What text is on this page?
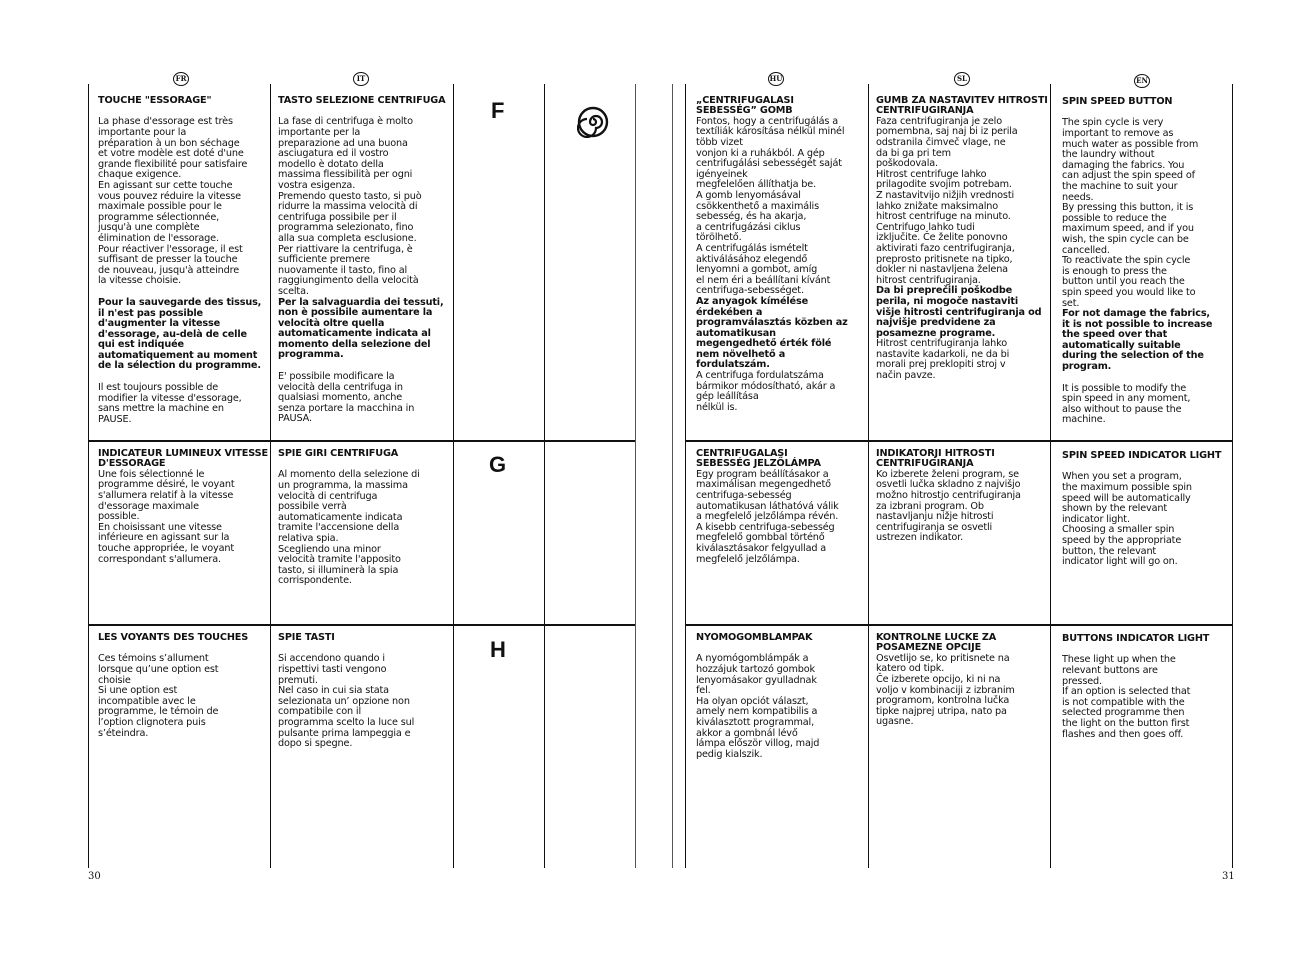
FR	IT
TOUCHE "ESSORAGE"

La phase d'essorage est très
importante pour la
préparation à un bon séchage
et votre modèle est doté d'une
grande flexibilité pour satisfaire
chaque exigence.
En agissant sur cette touche
vous pouvez réduire la vitesse
maximale possible pour le
programme sélectionnée,
jusqu'à une complète
élimination de l'essorage.
Pour réactiver l'essorage, il est
suffisant de presser la touche
de nouveau, jusqu'à atteindre
la vitesse choisie.

Pour la sauvegarde des tissus,
il n'est pas possible
d'augmenter la vitesse
d'essorage, au-delà de celle
qui est indiquée
automatiquement au moment
de la sélection du programme.

Il est toujours possible de
modifier la vitesse d'essorage,
sans mettre la machine en
PAUSE.

INDICATEUR LUMINEUX VITESSE
D'ESSORAGE

Une fois sélectionné le
programme désiré, le voyant
s'allumera relatif à la vitesse
d'essorage maximale
possible.
En choisissant une vitesse
inférieure en agissant sur la
touche appropriée, le voyant
correspondant s'allumera.

LES VOYANTS DES TOUCHES

Ces témoins s’allument
lorsque qu’une option est
choisie
Si une option est
incompatible avec le
programme, le témoin de
l’option clignotera puis
s’éteindra.

TASTO SELEZIONE CENTRIFUGA

La fase di centrifuga è molto
importante per la
preparazione ad una buona
asciugatura ed il vostro
modello è dotato della
massima flessibilità per ogni
vostra esigenza.
Premendo questo tasto, si può
ridurre la massima velocità di
centrifuga possibile per il
programma selezionato, fino
alla sua completa esclusione.
Per riattivare la centrifuga, è
sufficiente premere
nuovamente il tasto, fino al
raggiungimento della velocità
scelta.

Per la salvaguardia dei tessuti,
non è possibile aumentare la
velocità oltre quella
automaticamente indicata al
momento della selezione del
programma.

E' possibile modificare la
velocità della centrifuga in
qualsiasi momento, anche
senza portare la macchina in
PAUSA.

SPIE GIRI CENTRIFUGA

Al momento della selezione di
un programma, la massima
velocità di centrifuga
possibile verrà
automaticamente indicata
tramite l'accensione della
relativa spia.
Scegliendo una minor
velocità tramite l'apposito
tasto, si illuminerà la spia
corrispondente.

SPIE TASTI

Si accendono quando i
rispettivi tasti vengono
premuti.
Nel caso in cui sia stata
selezionata un’ opzione non
compatibile con il
programma scelto la luce sul
pulsante prima lampeggia e
dopo si spegne.

F
G
H
30
HU	SL	EN

„CENTRIFUGÁLÁSI
SEBESSÉG” GOMB

Fontos, hogy a centrifugálás a
textíliák károsítása nélkül minél
több vizet
vonjon ki a ruhákból. A gép
centrifugálási sebességét saját
igényeinek
megfelelően állíthatja be.
A gomb lenyomásával
csökkenthető a maximális
sebesség, és ha akarja,
a centrifugázási ciklus
törölhető.
A centrifugálás ismételt
aktiválásához elegendő
lenyomni a gombot, amíg
el nem éri a beállítani kívánt
centrifuga-sebességet.

Az anyagok kímélése
érdekében a
programválasztás közben az
automatikusan
megengedhető érték fölé
nem növelhető a
fordulatszám.

A centrifuga fordulatszáma
bármikor módosítható, akár a
gép leállítása
nélkül is.

CENTRIFUGÁLÁSI
SEBESSÉG JELZŐLÁMPA

Egy program beállításakor a
maximálisan megengedhető
centrifuga-sebesség
automatikusan láthatóvá válik
a megfelelő jelzőlámpa révén.
A kisebb centrifuga-sebesség
megfelelő gombbal történő
kiválasztásakor felgyullad a
megfelelő jelzőlámpa.

NYOMÓGOMBLÁMPÁK

A nyomógomblámpák a
hozzájuk tartozó gombok
lenyomásakor gyulladnak
fel.
Ha olyan opciót választ,
amely nem kompatibilis a
kiválasztott programmal,
akkor a gombnál lévő
lámpa először villog, majd
pedig kialszik.

GUMB ZA NASTAVITEV HITROSTI
CENTRIFUGIRANJA

Faza centrifugiranja je zelo
pomembna, saj naj bi iz perila
odstranila čimveč vlage, ne
da bi ga pri tem
poškodovala.
Hitrost centrifuge lahko
prilagodite svojim potrebam.
Z nastavitvijo nižjih vrednosti
lahko znižate maksimalno
hitrost centrifuge na minuto.
Centrifugo lahko tudi
izključite. Če želite ponovno
aktivirati fazo centrifugiranja,
preprosto pritisnete na tipko,
dokler ni nastavljena želena
hitrost centrifugiranja.

Da bi preprečili poškodbe
perila, ni mogoče nastaviti
višje hitrosti centrifugiranja od
najvišje predvidene za
posamezne programe.

Hitrost centrifugiranja lahko
nastavite kadarkoli, ne da bi
morali prej preklopiti stroj v
način pavze.

INDIKATORJI HITROSTI
CENTRIFUGIRANJA

Ko izberete želeni program, se
osvetli lučka skladno z najvišjo
možno hitrostjo centrifugiranja
za izbrani program. Ob
nastavljanju nižje hitrosti
centrifugiranja se osvetli
ustrezen indikator.

KONTROLNE LUČKE ZA
POSAMEZNE OPCIJE

Osvetlijo se, ko pritisnete na
katero od tipk.
Če izberete opcijo, ki ni na
voljo v kombinaciji z izbranim
programom, kontrolna lučka
tipke najprej utripa, nato pa
ugasne.

SPIN SPEED BUTTON

The spin cycle is very
important to remove as
much water as possible from
the laundry without
damaging the fabrics. You
can adjust the spin speed of
the machine to suit your
needs.
By pressing this button, it is
possible to reduce the
maximum speed, and if you
wish, the spin cycle can be
cancelled.
To reactivate the spin cycle
is enough to press the
button until you reach the
spin speed you would like to
set.

For not damage the fabrics,
it is not possible to increase
the speed over that
automatically suitable
during the selection of the
program.

It is possible to modify the
spin speed in any moment,
also without to pause the
machine.

SPIN SPEED INDICATOR LIGHT

When you set a program,
the maximum possible spin
speed will be automatically
shown by the relevant
indicator light.
Choosing a smaller spin
speed by the appropriate
button, the relevant
indicator light will go on.

BUTTONS INDICATOR LIGHT

These light up when the
relevant buttons are
pressed.
If an option is selected that
is not compatible with the
selected programme then
the light on the button first
flashes and then goes off.

31
